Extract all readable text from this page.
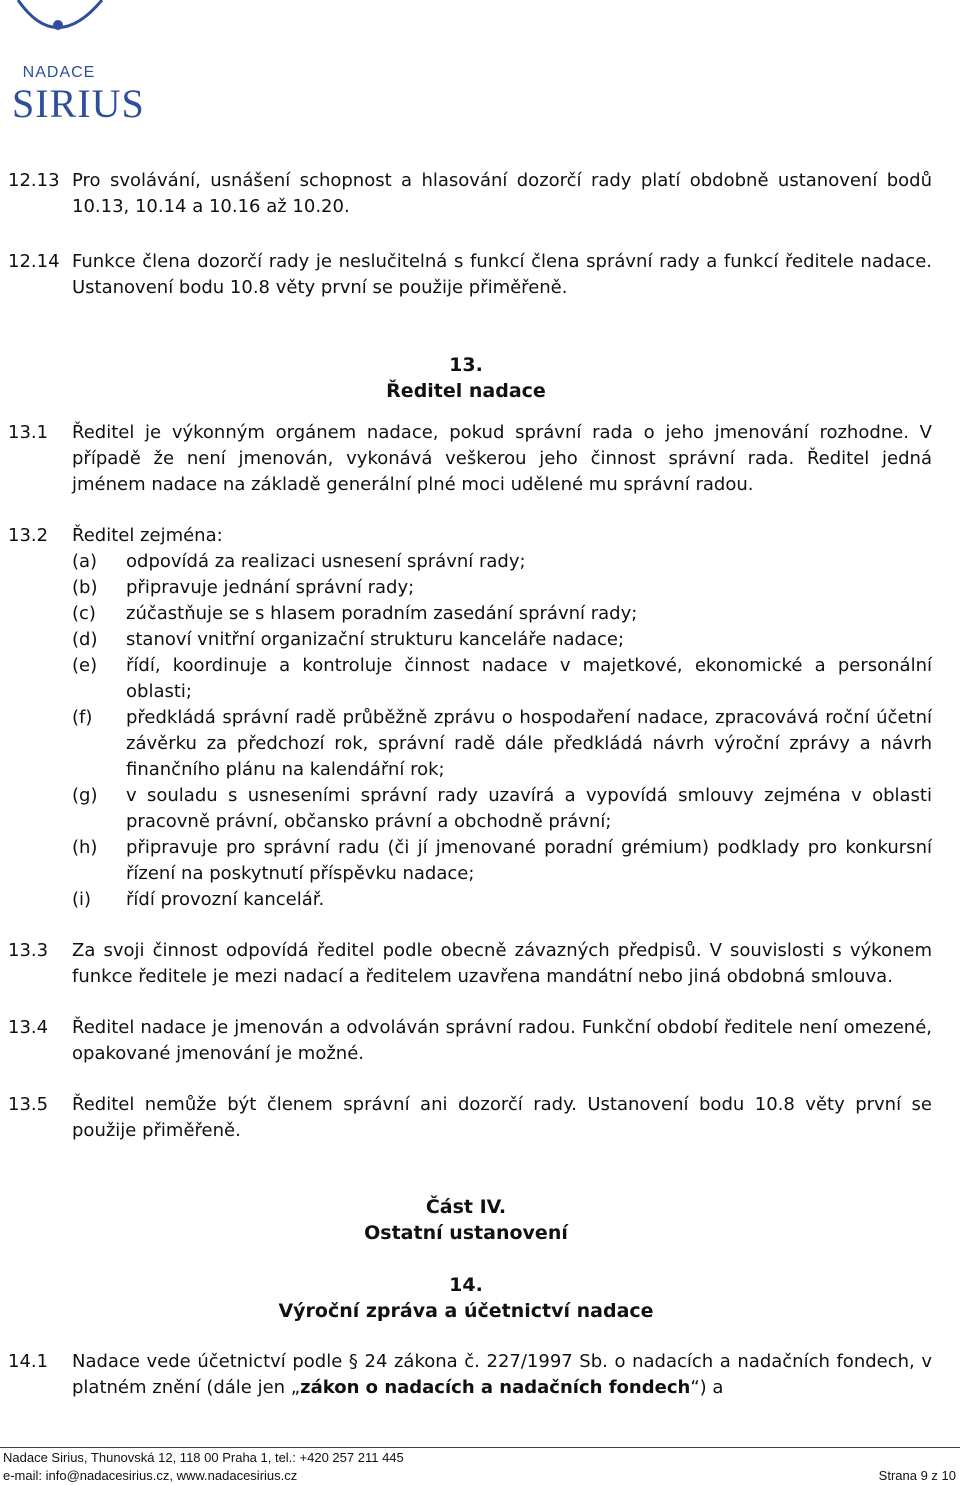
NADACE
SIRIUS
12.13 Pro svolávání, usnášení schopnost a hlasování dozorčí rady platí obdobně ustanovení bodů 10.13, 10.14 a 10.16 až 10.20.
12.14 Funkce člena dozorčí rady je neslučitelná s funkcí člena správní rady a funkcí ředitele nadace. Ustanovení bodu 10.8 věty první se použije přiměřeně.
13.
Ředitel nadace
13.1 Ředitel je výkonným orgánem nadace, pokud správní rada o jeho jmenování rozhodne. V případě že není jmenován, vykonává veškerou jeho činnost správní rada. Ředitel jedná jménem nadace na základě generální plné moci udělené mu správní radou.
13.2 Ředitel zejména:
(a) odpovídá za realizaci usnesení správní rady;
(b) připravuje jednání správní rady;
(c) zúčastňuje se s hlasem poradním zasedání správní rady;
(d) stanoví vnitřní organizační strukturu kanceláře nadace;
(e) řídí, koordinuje a kontroluje činnost nadace v majetkové, ekonomické a personální oblasti;
(f) předkládá správní radě průběžně zprávu o hospodaření nadace, zpracovává roční účetní závěrku za předchozí rok, správní radě dále předkládá návrh výroční zprávy a návrh finančního plánu na kalendářní rok;
(g) v souladu s usneseními správní rady uzavírá a vypovídá smlouvy zejména v oblasti pracovně právní, občansko právní a obchodně právní;
(h) připravuje pro správní radu (či jí jmenované poradní grémium) podklady pro konkursní řízení na poskytnutí příspěvku nadace;
(i) řídí provozní kancelář.
13.3 Za svoji činnost odpovídá ředitel podle obecně závazných předpisů. V souvislosti s výkonem funkce ředitele je mezi nadací a ředitelem uzavřena mandátní nebo jiná obdobná smlouva.
13.4 Ředitel nadace je jmenován a odvoláván správní radou. Funkční období ředitele není omezené, opakované jmenování je možné.
13.5 Ředitel nemůže být členem správní ani dozorčí rady. Ustanovení bodu 10.8 věty první se použije přiměřeně.
Část IV.
Ostatní ustanovení
14.
Výroční zpráva a účetnictví nadace
14.1 Nadace vede účetnictví podle § 24 zákona č. 227/1997 Sb. o nadacích a nadačních fondech, v platném znění (dále jen „zákon o nadacích a nadačních fondech“) a
Nadace Sirius, Thunovská 12, 118 00 Praha 1, tel.: +420 257 211 445
e-mail: info@nadacesirius.cz, www.nadacesirius.cz	Strana 9 z 10
